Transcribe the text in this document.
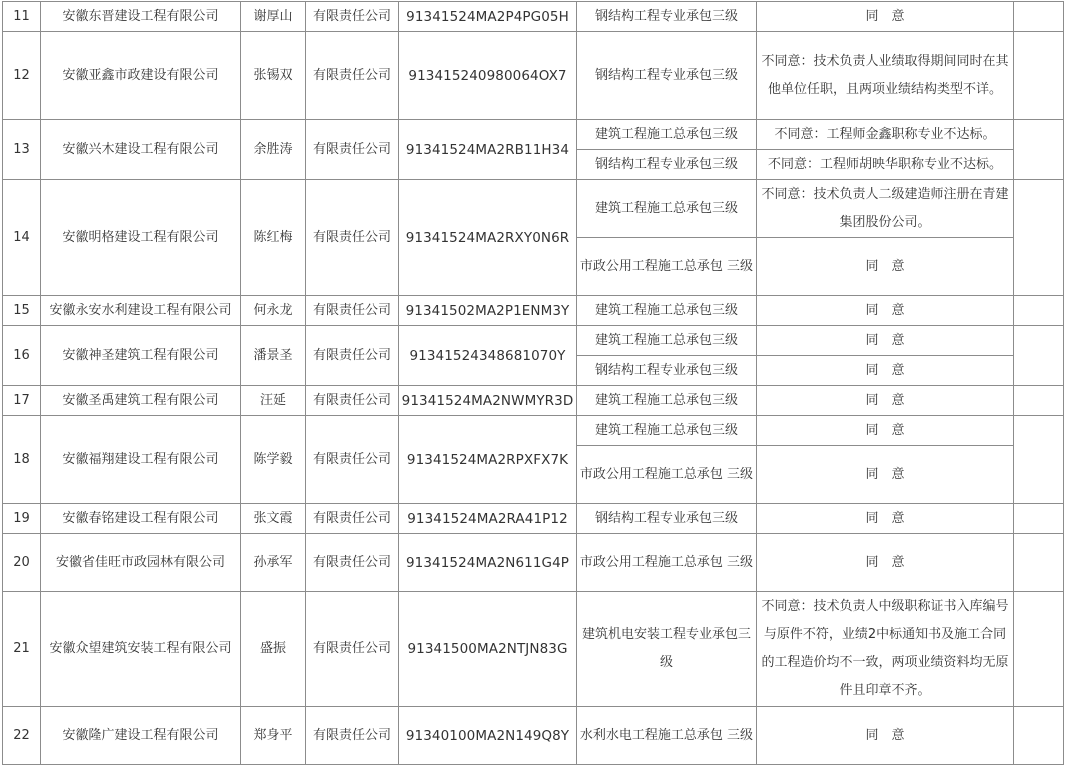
11	安徽东晋建设工程有限公司	谢厚山	有限责任公司	91341524MA2P4PG05H	钢结构工程专业承包三级	同　意	
12	安徽亚鑫市政建设有限公司	张锡双	有限责任公司	913415240980064OX7	钢结构工程专业承包三级	不同意：技术负责人业绩取得期间同时在其他单位任职，且两项业绩结构类型不详。	
13	安徽兴木建设工程有限公司	余胜涛	有限责任公司	91341524MA2RB11H34	建筑工程施工总承包三级	不同意：工程师金鑫职称专业不达标。	
					钢结构工程专业承包三级	不同意：工程师胡映华职称专业不达标。	
14	安徽明格建设工程有限公司	陈红梅	有限责任公司	91341524MA2RXY0N6R	建筑工程施工总承包三级	不同意：技术负责人二级建造师注册在青建集团股份公司。	
					市政公用工程施工总承包 三级	同　意	
15	安徽永安水利建设工程有限公司	何永龙	有限责任公司	91341502MA2P1ENM3Y	建筑工程施工总承包三级	同　意	
16	安徽神圣建筑工程有限公司	潘景圣	有限责任公司	91341524348681070Y	建筑工程施工总承包三级	同　意	
					钢结构工程专业承包三级	同　意	
17	安徽圣禹建筑工程有限公司	汪延	有限责任公司	91341524MA2NWMYR3D	建筑工程施工总承包三级	同　意	
18	安徽福翔建设工程有限公司	陈学毅	有限责任公司	91341524MA2RPXFX7K	建筑工程施工总承包三级	同　意	
					市政公用工程施工总承包 三级	同　意	
19	安徽春铭建设工程有限公司	张文霞	有限责任公司	91341524MA2RA41P12	钢结构工程专业承包三级	同　意	
20	安徽省佳旺市政园林有限公司	孙承军	有限责任公司	91341524MA2N611G4P	市政公用工程施工总承包 三级	同　意	
21	安徽众望建筑安装工程有限公司	盛振	有限责任公司	91341500MA2NTJN83G	建筑机电安装工程专业承包三级	不同意：技术负责人中级职称证书入库编号与原件不符，业绩2中标通知书及施工合同的工程造价均不一致，两项业绩资料均无原件且印章不齐。	
22	安徽隆广建设工程有限公司	郑身平	有限责任公司	91340100MA2N149Q8Y	水利水电工程施工总承包 三级	同　意	
